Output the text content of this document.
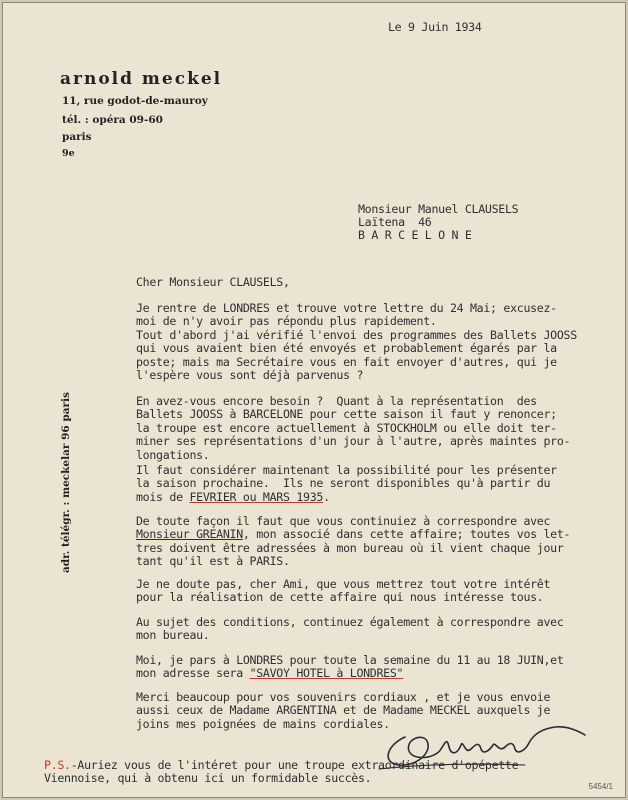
arnold meckel
11, rue godot-de-mauroy
tél. : opéra 09-60
paris
9e
adr. télégr. : meckelar 96 paris
Le 9 Juin 1934
Monsieur Manuel CLAUSELS
Laïtena  46
B A R C E L O N E
Cher Monsieur CLAUSELS,
Je rentre de LONDRES et trouve votre lettre du 24 Mai; excusez-
moi de n'y avoir pas répondu plus rapidement.
Tout d'abord j'ai vérifié l'envoi des programmes des Ballets JOOSS
qui vous avaient bien été envoyés et probablement égarés par la
poste; mais ma Secrétaire vous en fait envoyer d'autres, qui je
l'espère vous sont déjà parvenus ?
En avez-vous encore besoin ?  Quant à la représentation  des
Ballets JOOSS à BARCELONE pour cette saison il faut y renoncer;
la troupe est encore actuellement à STOCKHOLM ou elle doit ter-
miner ses représentations d'un jour à l'autre, après maintes pro-
longations.
Il faut considérer maintenant la possibilité pour les présenter
la saison prochaine.  Ils ne seront disponibles qu'à partir du
mois de FEVRIER ou MARS 1935.
De toute façon il faut que vous continuiez à correspondre avec
Monsieur GREANIN, mon associé dans cette affaire; toutes vos let-
tres doivent être adressées à mon bureau où il vient chaque jour
tant qu'il est à PARIS.
Je ne doute pas, cher Ami, que vous mettrez tout votre intérêt
pour la réalisation de cette affaire qui nous intéresse tous.
Au sujet des conditions, continuez également à correspondre avec
mon bureau.
Moi, je pars à LONDRES pour toute la semaine du 11 au 18 JUIN,et
mon adresse sera "SAVOY HOTEL à LONDRES"
Merci beaucoup pour vos souvenirs cordiaux , et je vous envoie
aussi ceux de Madame ARGENTINA et de Madame MECKEL auxquels je
joins mes poignées de mains cordiales.
P.S.-Auriez vous de l'intéret pour une troupe extraordinaire d'opépette
Viennoise, qui à obtenu ici un formidable succès.
5454/1
